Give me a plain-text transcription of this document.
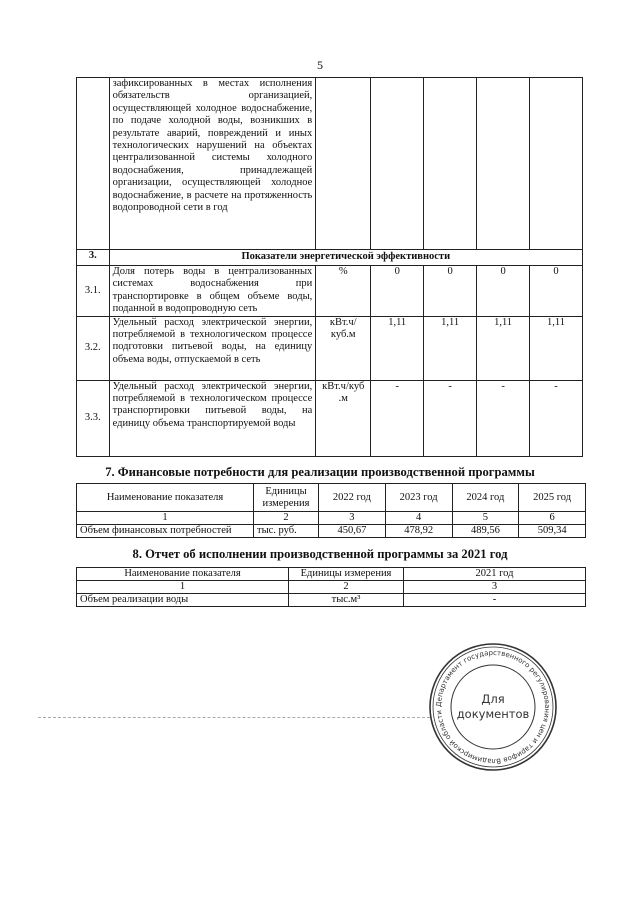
5
	зафиксированных в местах исполнения обязательств организацией, осуществляющей холодное водоснабжение, по подаче холодной воды, возникших в результате аварий, повреждений и иных технологических нарушений на объектах централизованной системы холодного водоснабжения, принадлежащей организации, осуществляющей холодное водоснабжение, в расчете на протяженность водопроводной сети в год					
3.	Показатели энергетической эффективности					
3.1.	Доля потерь воды в централизованных системах водоснабжения при транспортировке в общем объеме воды, поданной в водопроводную сеть	%	0	0	0	0
3.2.	Удельный расход электрической энергии, потребляемой в технологическом процессе подготовки питьевой воды, на единицу объема воды, отпускаемой в сеть	кВт.ч/куб.м	1,11	1,11	1,11	1,11
3.3.	Удельный расход электрической энергии, потребляемой в технологическом процессе транспортировки питьевой воды, на единицу объема транспортируемой воды	кВт.ч/куб .м	-	-	-	-
7. Финансовые потребности для реализации производственной программы
Наименование показателя	Единицы измерения	2022 год	2023 год	2024 год	2025 год
1	2	3	4	5	6
Объем финансовых потребностей	тыс. руб.	450,67	478,92	489,56	509,34
8. Отчет об исполнении производственной программы за 2021 год
Наименование показателя	Единицы измерения	2021 год
1	2	3
Объем реализации воды	тыс.м³	-
Департамент государственного регулирования цен и тарифов Владимирской области
Для
документов
